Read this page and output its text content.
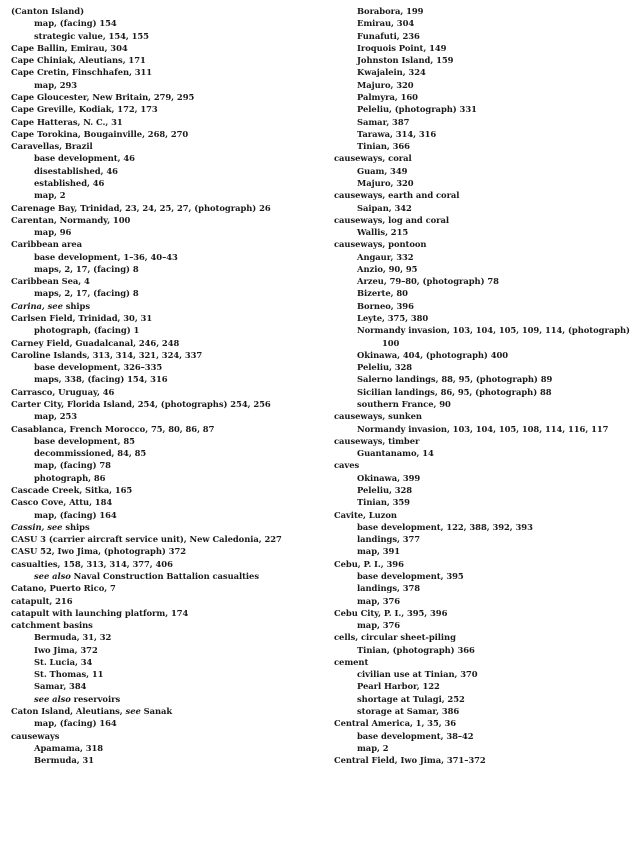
(Canton Island)
map, (facing) 154
strategic value, 154, 155
Cape Ballin, Emirau, 304
Cape Chiniak, Aleutians, 171
Cape Cretin, Finschhafen, 311
map, 293
Cape Gloucester, New Britain, 279, 295
Cape Greville, Kodiak, 172, 173
Cape Hatteras, N. C., 31
Cape Torokina, Bougainville, 268, 270
Caravellas, Brazil
base development, 46
disestablished, 46
established, 46
map, 2
Carenage Bay, Trinidad, 23, 24, 25, 27, (photograph) 26
Carentan, Normandy, 100
map, 96
Caribbean area
base development, 1–36, 40–43
maps, 2, 17, (facing) 8
Caribbean Sea, 4
maps, 2, 17, (facing) 8
Carina, see ships
Carlsen Field, Trinidad, 30, 31
photograph, (facing) 1
Carney Field, Guadalcanal, 246, 248
Caroline Islands, 313, 314, 321, 324, 337
base development, 326–335
maps, 338, (facing) 154, 316
Carrasco, Uruguay, 46
Carter City, Florida Island, 254, (photographs) 254, 256
map, 253
Casablanca, French Morocco, 75, 80, 86, 87
base development, 85
decommissioned, 84, 85
map, (facing) 78
photograph, 86
Cascade Creek, Sitka, 165
Casco Cove, Attu, 184
map, (facing) 164
Cassin, see ships
CASU 3 (carrier aircraft service unit), New Caledonia, 227
CASU 52, Iwo Jima, (photograph) 372
casualties, 158, 313, 314, 377, 406
see also Naval Construction Battalion casualties
Catano, Puerto Rico, 7
catapult, 216
catapult with launching platform, 174
catchment basins
Bermuda, 31, 32
Iwo Jima, 372
St. Lucia, 34
St. Thomas, 11
Samar, 384
see also reservoirs
Caton Island, Aleutians, see Sanak
map, (facing) 164
causeways
Apamama, 318
Bermuda, 31
Borabora, 199
Emirau, 304
Funafuti, 236
Iroquois Point, 149
Johnston Island, 159
Kwajalein, 324
Majuro, 320
Palmyra, 160
Peleliu, (photograph) 331
Samar, 387
Tarawa, 314, 316
Tinian, 366
causeways, coral
Guam, 349
Majuro, 320
causeways, earth and coral
Saipan, 342
causeways, log and coral
Wallis, 215
causeways, pontoon
Angaur, 332
Anzio, 90, 95
Arzeu, 79–80, (photograph) 78
Bizerte, 80
Borneo, 396
Leyte, 375, 380
Normandy invasion, 103, 104, 105, 109, 114, (photograph)
100
Okinawa, 404, (photograph) 400
Peleliu, 328
Salerno landings, 88, 95, (photograph) 89
Sicilian landings, 86, 95, (photograph) 88
southern France, 90
causeways, sunken
Normandy invasion, 103, 104, 105, 108, 114, 116, 117
causeways, timber
Guantanamo, 14
caves
Okinawa, 399
Peleliu, 328
Tinian, 359
Cavite, Luzon
base development, 122, 388, 392, 393
landings, 377
map, 391
Cebu, P. I., 396
base development, 395
landings, 378
map, 376
Cebu City, P. I., 395, 396
map, 376
cells, circular sheet-piling
Tinian, (photograph) 366
cement
civilian use at Tinian, 370
Pearl Harbor, 122
shortage at Tulagi, 252
storage at Samar, 386
Central America, 1, 35, 36
base development, 38–42
map, 2
Central Field, Iwo Jima, 371–372
